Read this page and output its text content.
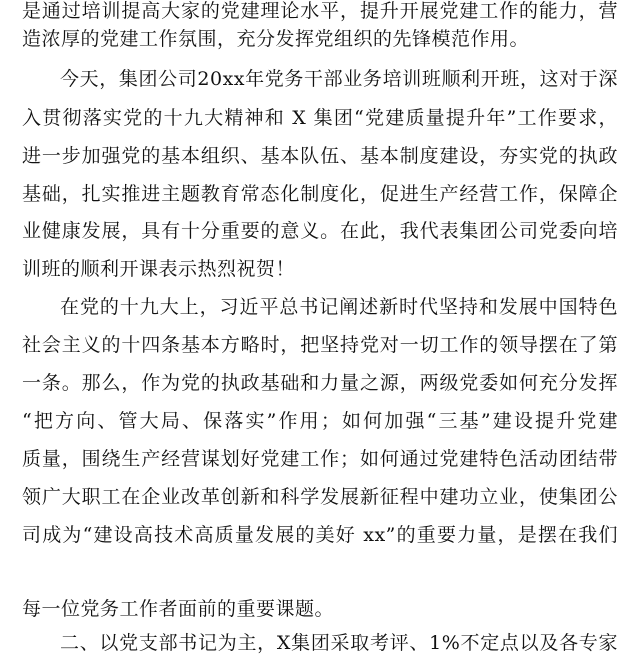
是通过培训提高大家的党建理论水平，提升开展党建工作的能力，营
造浓厚的党建工作氛围，充分发挥党组织的先锋模范作用。
今天，集团公司20xx年党务干部业务培训班顺利开班，这对于深
入贯彻落实党的十九大精神和 X 集团“党建质量提升年”工作要求，
进一步加强党的基本组织、基本队伍、基本制度建设，夯实党的执政
基础，扎实推进主题教育常态化制度化，促进生产经营工作，保障企
业健康发展，具有十分重要的意义。在此，我代表集团公司党委向培
训班的顺利开课表示热烈祝贺！
在党的十九大上，习近平总书记阐述新时代坚持和发展中国特色
社会主义的十四条基本方略时，把坚持党对一切工作的领导摆在了第
一条。那么，作为党的执政基础和力量之源，两级党委如何充分发挥
“把方向、管大局、保落实”作用；如何加强“三基”建设提升党建
质量，围绕生产经营谋划好党建工作；如何通过党建特色活动团结带
领广大职工在企业改革创新和科学发展新征程中建功立业，使集团公
司成为“建设高技术高质量发展的美好 xx”的重要力量，是摆在我们
每一位党务工作者面前的重要课题。
二、以党支部书记为主，X集团采取考评、1%不定点以及各专家
